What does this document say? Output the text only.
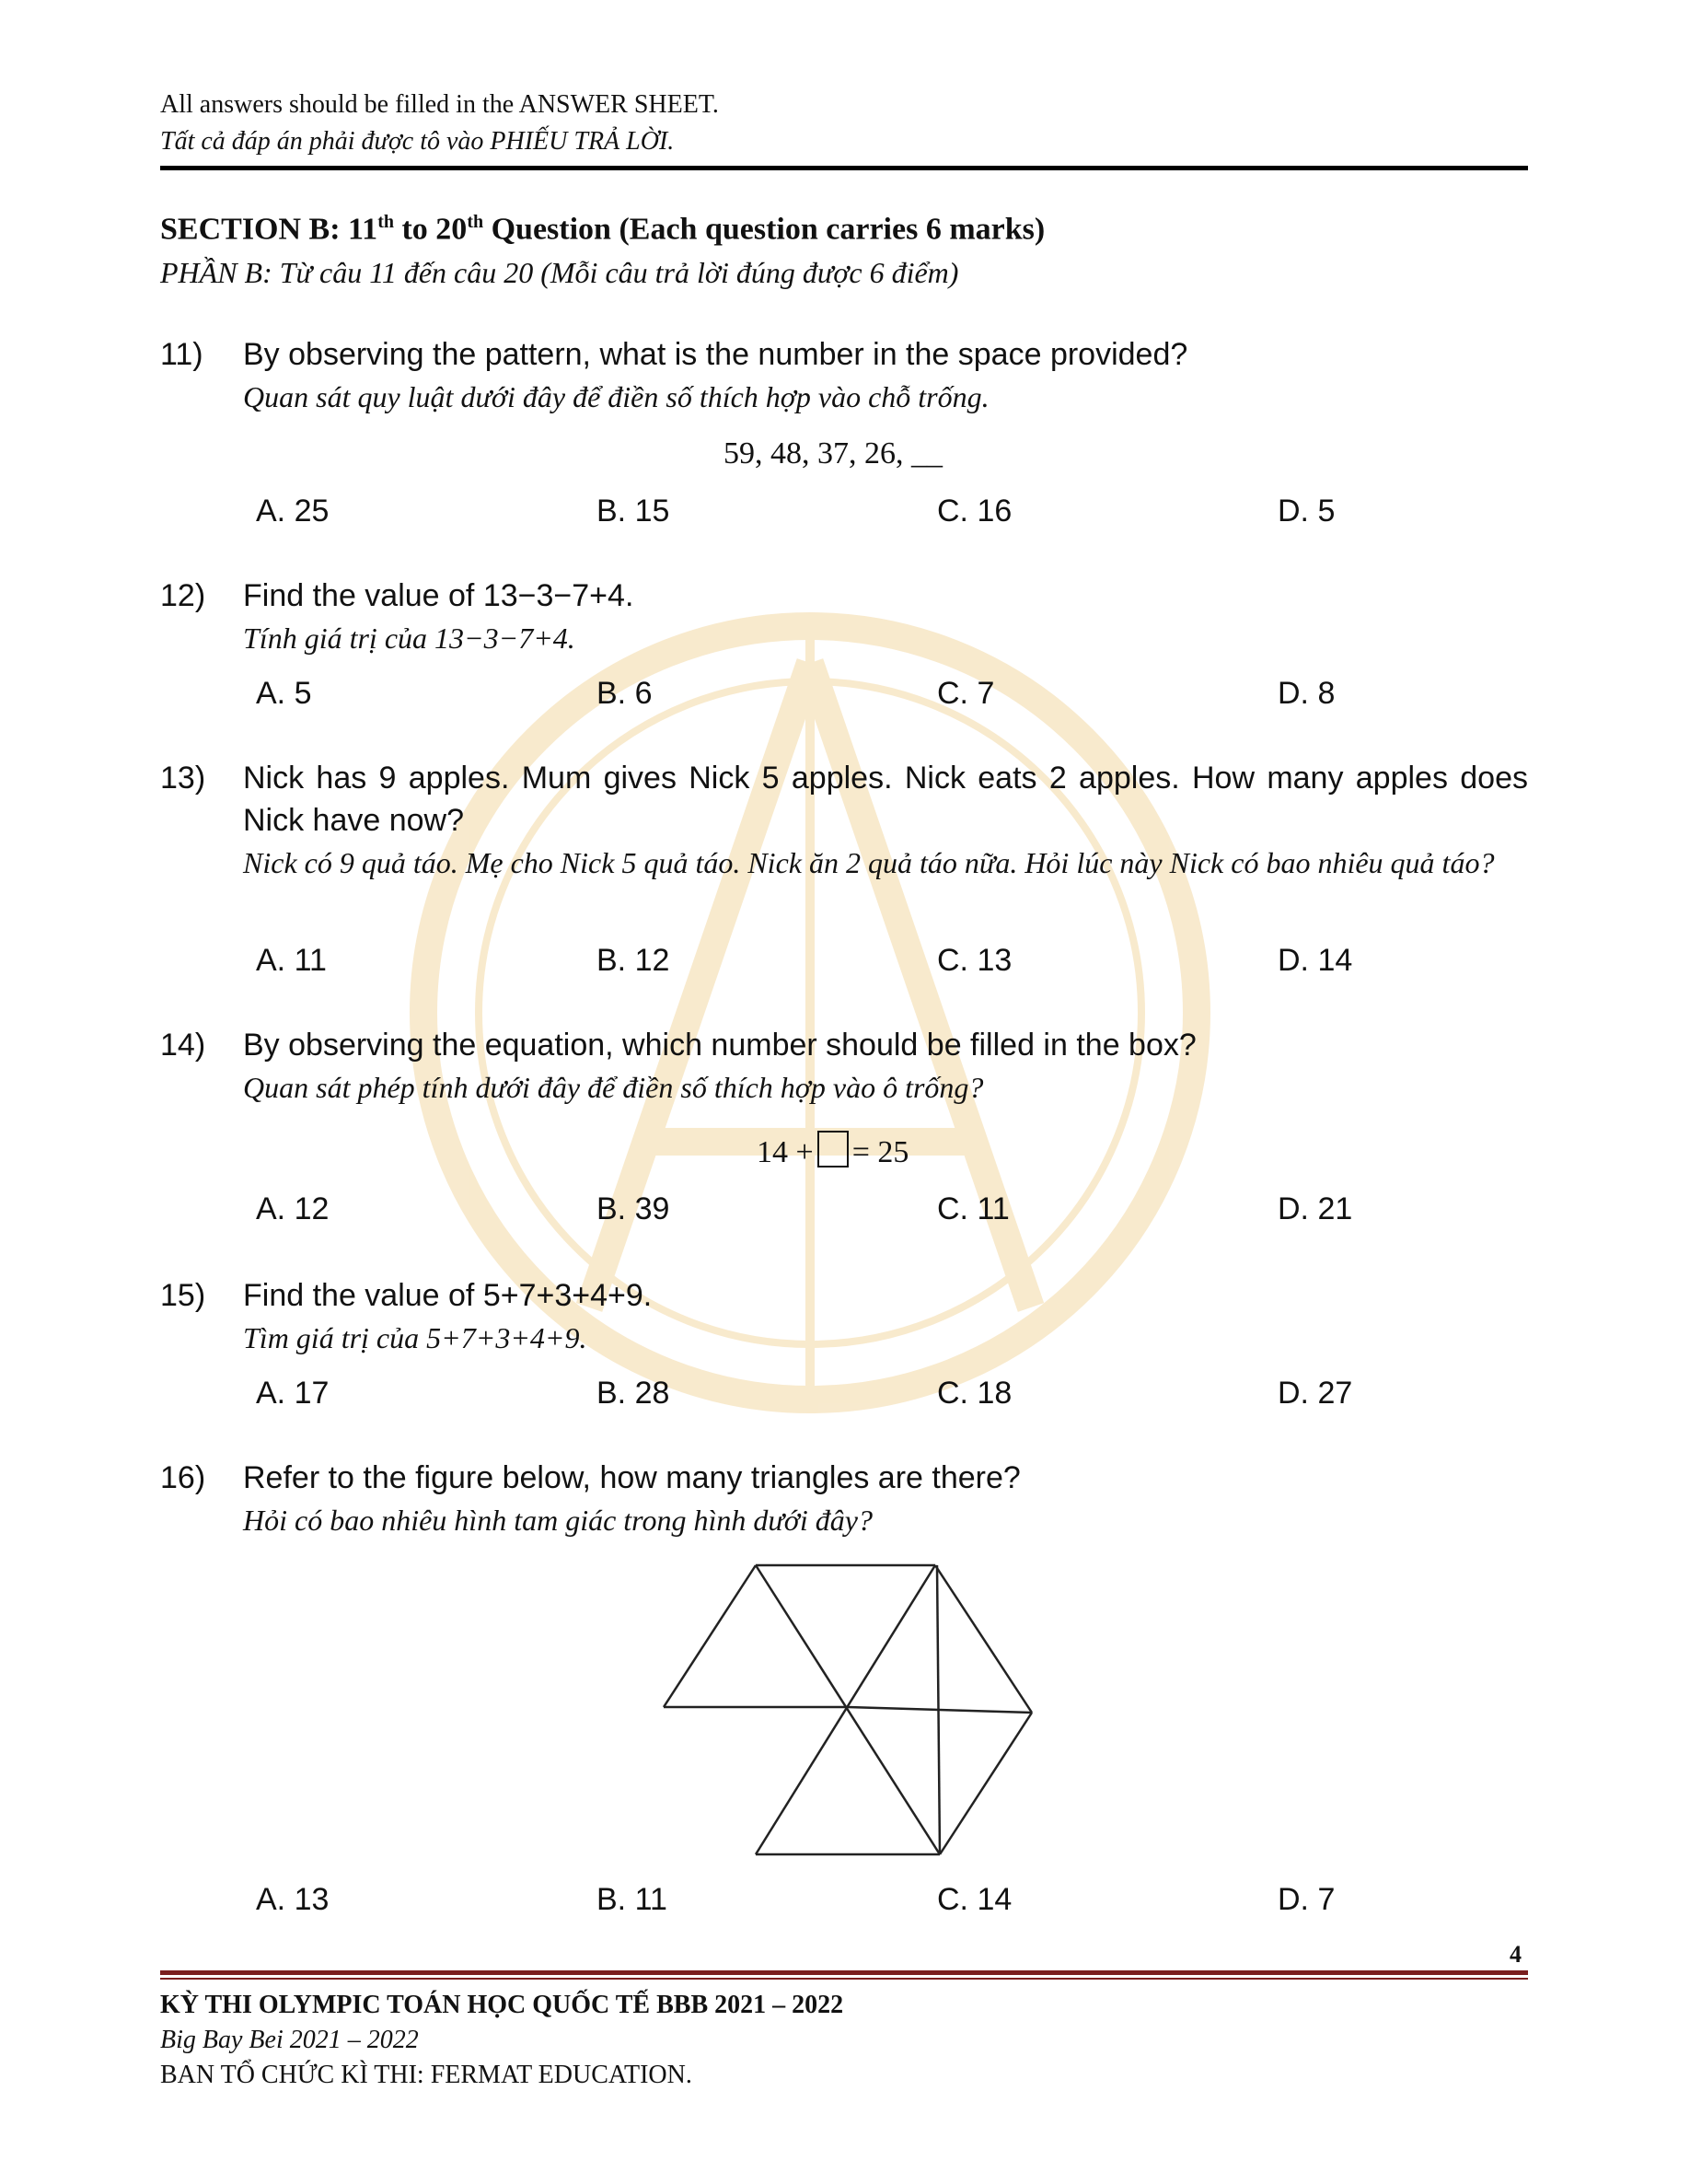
All answers should be filled in the ANSWER SHEET.
Tất cả đáp án phải được tô vào PHIẾU TRẢ LỜI.
SECTION B: 11th to 20th Question (Each question carries 6 marks)
PHẦN B: Từ câu 11 đến câu 20 (Mỗi câu trả lời đúng được 6 điểm)
11) By observing the pattern, what is the number in the space provided?
Quan sát quy luật dưới đây để điền số thích hợp vào chỗ trống.
59, 48, 37, 26, __
A. 25	B. 15	C. 16	D. 5
12) Find the value of 13−3−7+4.
Tính giá trị của 13−3−7+4.
A. 5	B. 6	C. 7	D. 8
13) Nick has 9 apples. Mum gives Nick 5 apples. Nick eats 2 apples. How many apples does Nick have now?
Nick có 9 quả táo. Mẹ cho Nick 5 quả táo. Nick ăn 2 quả táo nữa. Hỏi lúc này Nick có bao nhiêu quả táo?
A. 11	B. 12	C. 13	D. 14
14) By observing the equation, which number should be filled in the box?
Quan sát phép tính dưới đây để điền số thích hợp vào ô trống?
14 + = 25
A. 12	B. 39	C. 11	D. 21
15) Find the value of 5+7+3+4+9.
Tìm giá trị của 5+7+3+4+9.
A. 17	B. 28	C. 18	D. 27
16) Refer to the figure below, how many triangles are there?
Hỏi có bao nhiêu hình tam giác trong hình dưới đây?
A. 13	B. 11	C. 14	D. 7
4
KỲ THI OLYMPIC TOÁN HỌC QUỐC TẾ BBB 2021 – 2022
Big Bay Bei 2021 – 2022
BAN TỔ CHỨC KÌ THI: FERMAT EDUCATION.
